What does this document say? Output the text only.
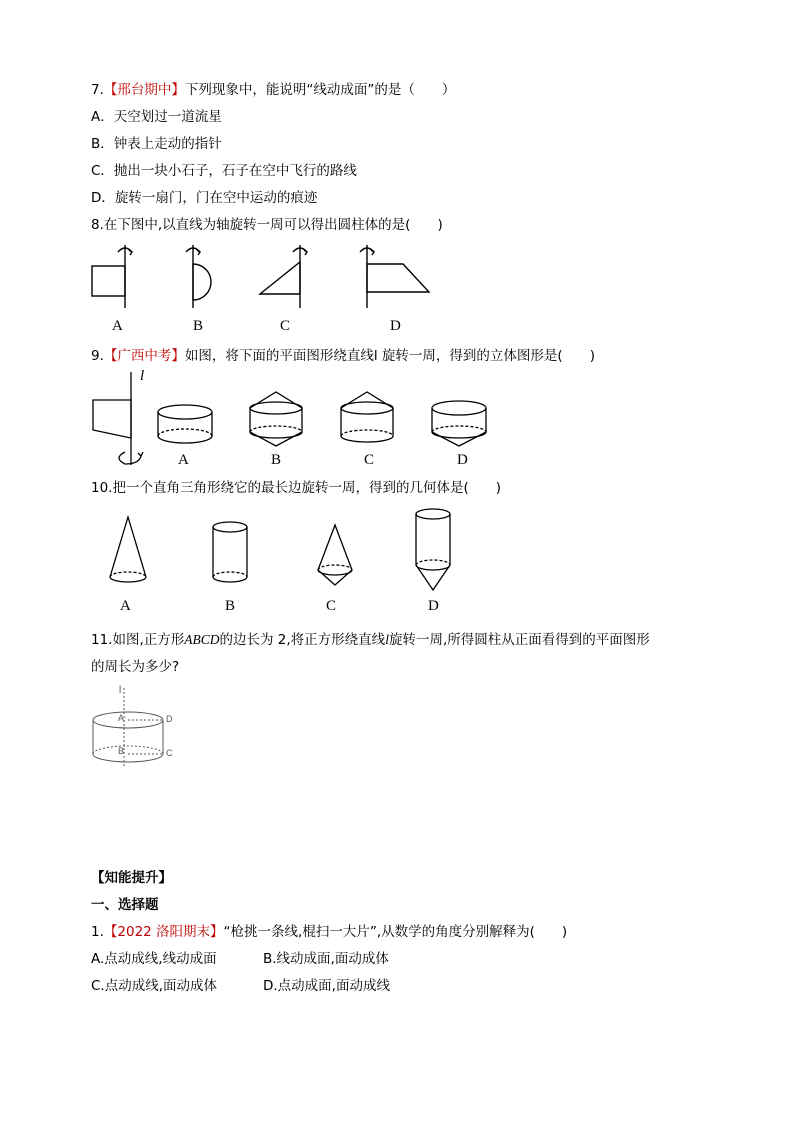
7.【邢台期中】下列现象中，能说明“线动成面”的是（　　）
A．天空划过一道流星
B．钟表上走动的指针
C．抛出一块小石子，石子在空中飞行的路线
D．旋转一扇门，门在空中运动的痕迹
8.在下图中,以直线为轴旋转一周可以得出圆柱体的是(　　)
A	B	C	D
9.【广西中考】如图，将下面的平面图形绕直线l 旋转一周，得到的立体图形是(　　)
l
A	B	C	D
10.把一个直角三角形绕它的最长边旋转一周，得到的几何体是(　　)
A	B	C	D
11.如图,正方形ABCD的边长为 2,将正方形绕直线l旋转一周,所得圆柱从正面看得到的平面图形
的周长为多少?
l
A	D
B	C
【知能提升】
一、选择题
1.【2022 洛阳期末】“枪挑一条线,棍扫一大片”,从数学的角度分别解释为(　　)
A.点动成线,线动成面	B.线动成面,面动成体
C.点动成线,面动成体	D.点动成面,面动成线
